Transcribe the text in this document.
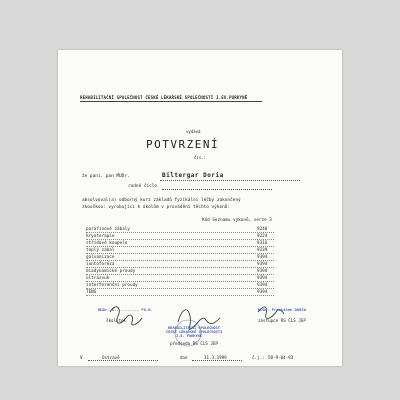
REHABILITAČNÍ SPOLEČNOST ČESKÉ LÉKAŘSKÉ SPOLEČNOSTI J.EV.PURKYNĚ
vydává
POTVRZENÍ
čís.:
že paní, pan MUDr.	Biltergar Doria
rodné číslo
absolvoval(a) odborný kurz základů fyzikální léčby zakončený
zkouškou: vyrobující k úkolům v provádění těchto výkonů:
Kód Seznamu výkonů, verze 3
parafínové zábaly	9240
kryoterapie	9224
střídavé koupele	9316
teplý zábal	9239
galvanizace	9394
iontoforéza	9394
diadynamické proudy	9394
ultrazvuk	9394
interferenční proudy	9394
TENS	9394
MUDr. K.........., Ph.D.
školitel
MUDr. František DORIA
zástupce RS ČLS JEP
REHABILITAČNÍ SPOLEČNOST
ČESKÉ LÉKAŘSKÉ SPOLEČNOSTI
J.E. PURKYNĚ
předseda RS ČLS JEP
V	Ostravě	dne	31.3.1999	č.j.: 50-9-04-93
